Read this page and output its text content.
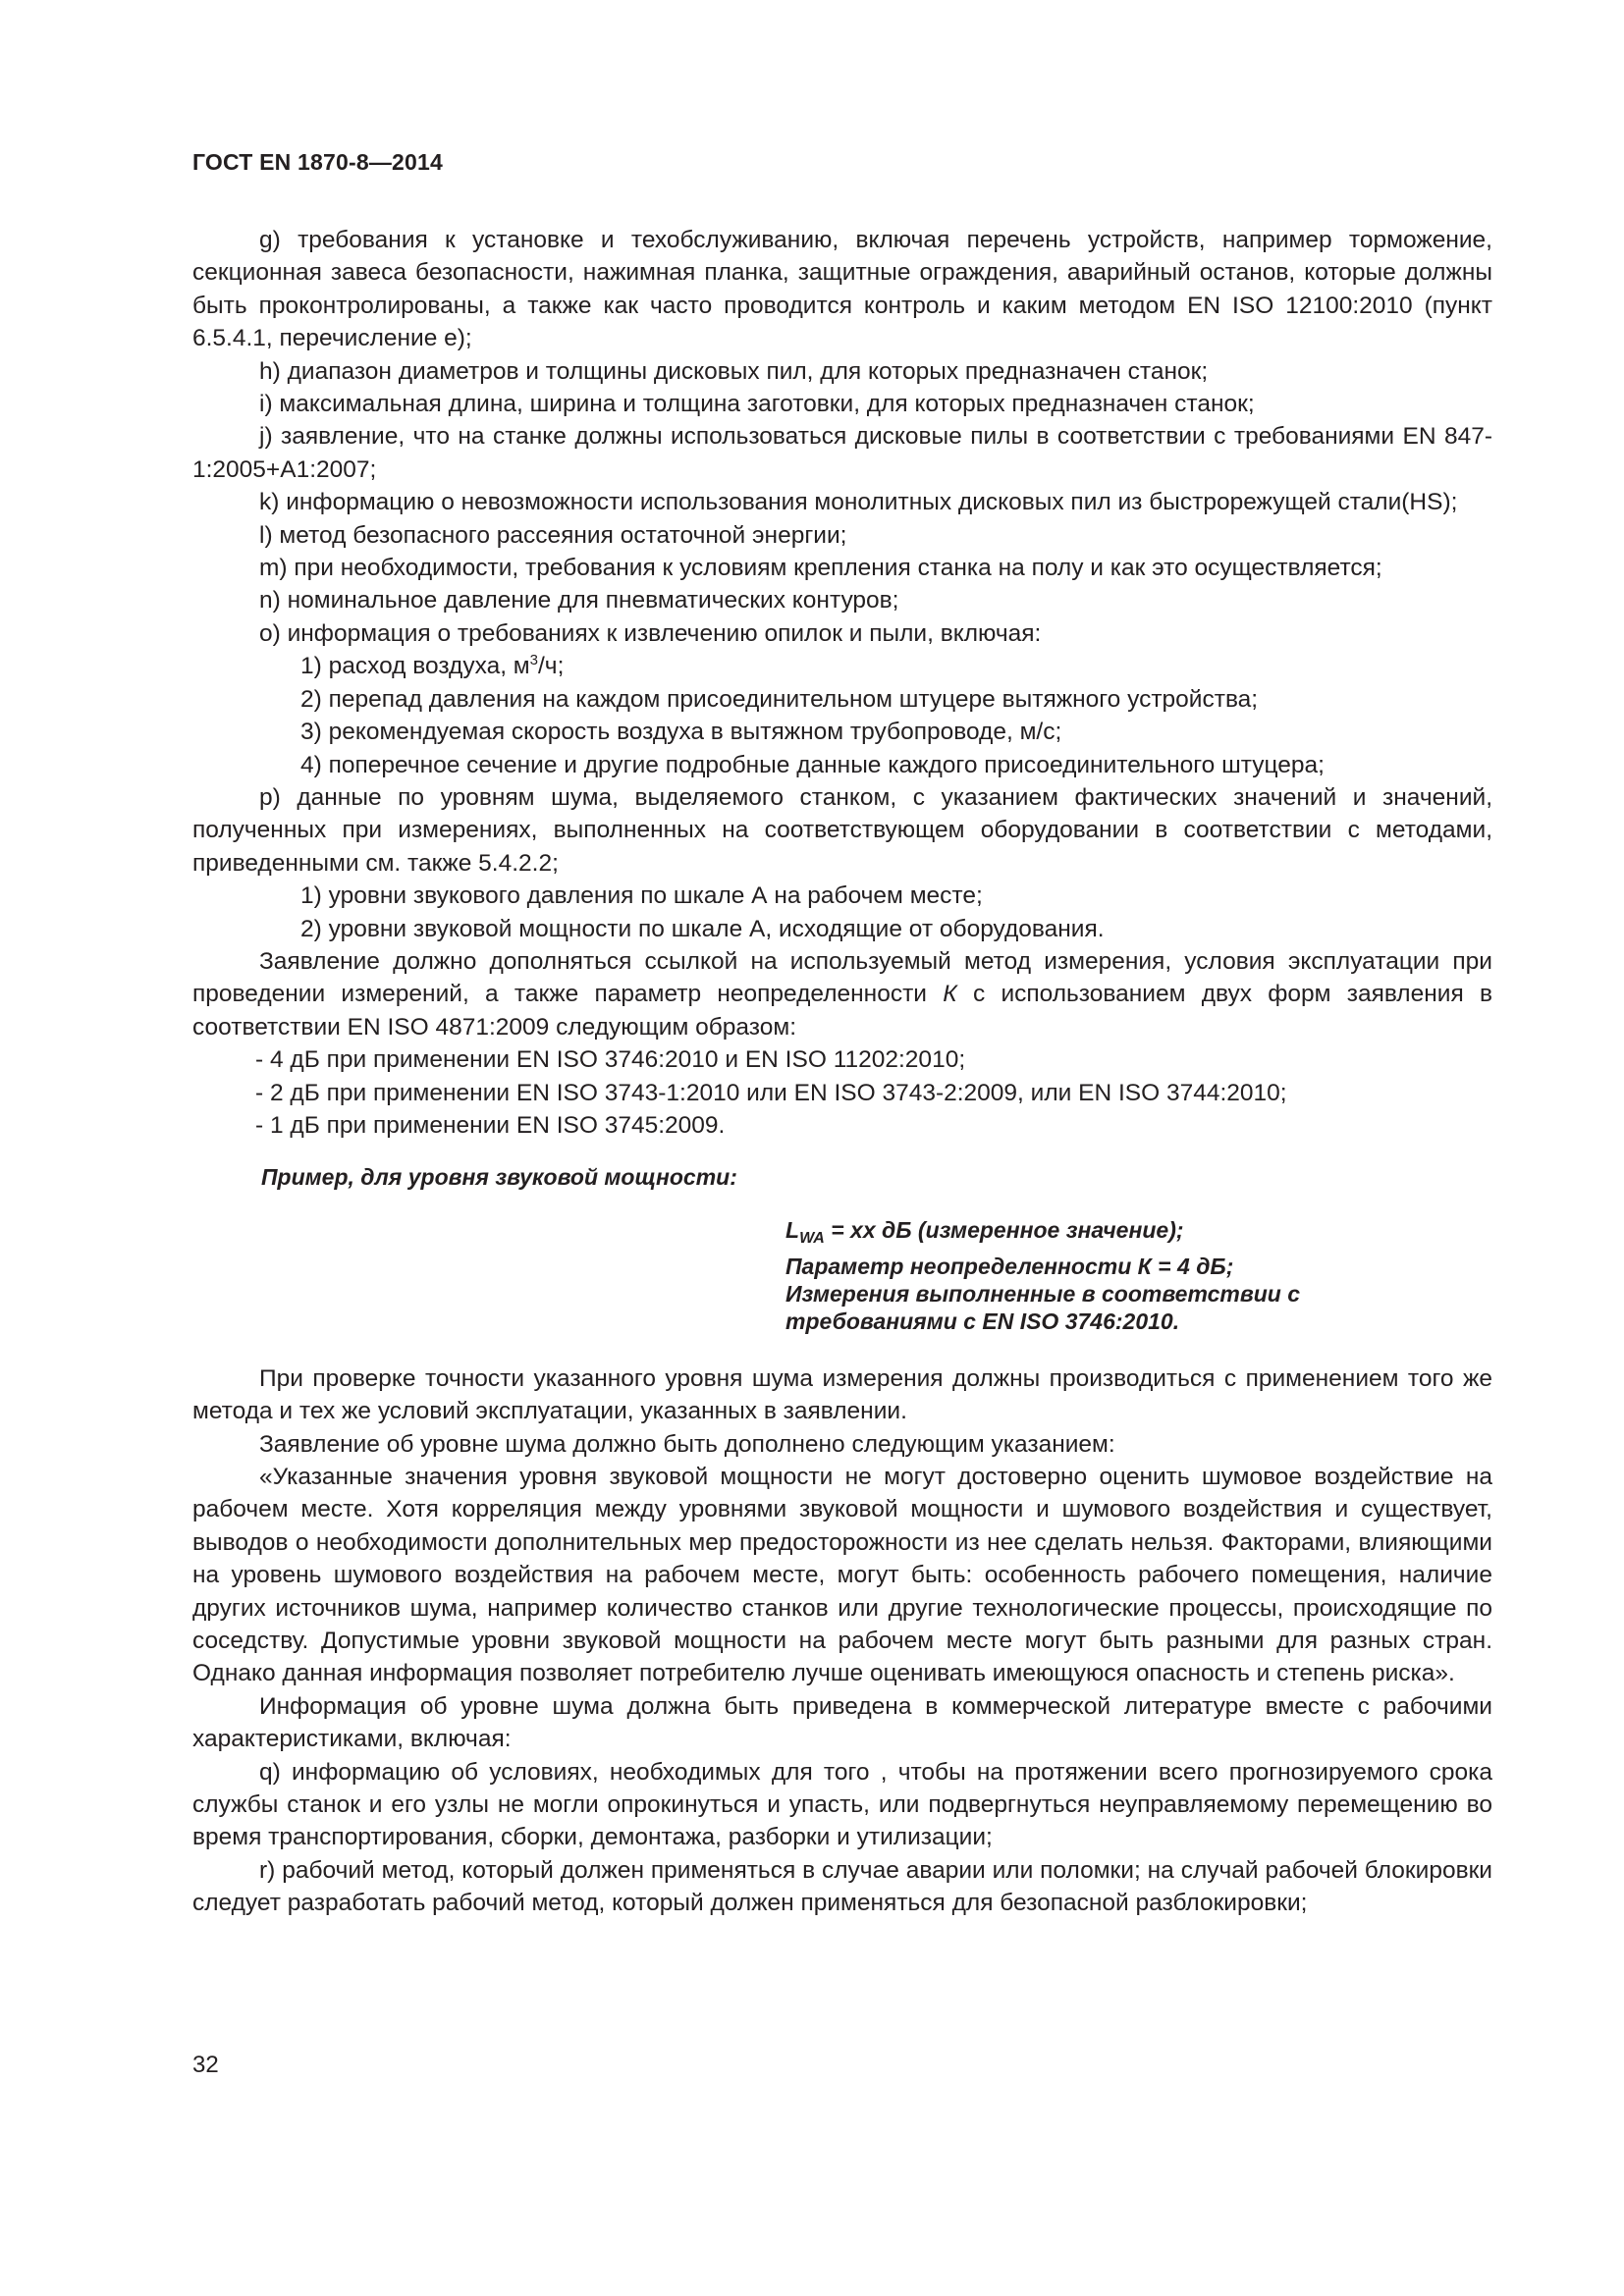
ГОСТ EN 1870-8—2014

g) требования к установке и техобслуживанию, включая перечень устройств, например торможение, секционная завеса безопасности, нажимная планка, защитные ограждения, аварийный останов, которые должны быть проконтролированы, а также как часто проводится контроль и каким методом EN ISO 12100:2010 (пункт 6.5.4.1, перечисление е);

h) диапазон диаметров и толщины дисковых пил, для которых предназначен станок;

i) максимальная длина, ширина и толщина заготовки, для которых предназначен станок;

j) заявление, что на станке должны использоваться дисковые пилы в соответствии с требованиями EN 847-1:2005+A1:2007;

k) информацию о невозможности использования монолитных дисковых пил из быстрорежущей стали(HS);

l) метод безопасного рассеяния остаточной энергии;

m) при необходимости, требования к условиям крепления станка на полу и как это осуществляется;

n) номинальное давление для пневматических контуров;

o) информация о требованиях к извлечению опилок и пыли, включая:

1) расход воздуха, $м^3/ч$;

2) перепад давления на каждом присоединительном штуцере вытяжного устройства;

3) рекомендуемая скорость воздуха в вытяжном трубопроводе, м/с;

4) поперечное сечение и другие подробные данные каждого присоединительного штуцера;

p) данные по уровням шума, выделяемого станком, с указанием фактических значений и значений, полученных при измерениях, выполненных на соответствующем оборудовании в соответствии с методами, приведенными см. также 5.4.2.2;

1) уровни звукового давления по шкале А на рабочем месте;

2) уровни звуковой мощности по шкале А, исходящие от оборудования.

Заявление должно дополняться ссылкой на используемый метод измерения, условия эксплуатации при проведении измерений, а также параметр неопределенности К с использованием двух форм заявления в соответствии EN ISO 4871:2009 следующим образом:

- 4 дБ при применении EN ISO 3746:2010 и EN ISO 11202:2010;

- 2 дБ при применении EN ISO 3743-1:2010 или EN ISO 3743-2:2009, или EN ISO 3744:2010;

- 1 дБ при применении EN ISO 3745:2009.

Пример, для уровня звуковой мощности:

$L_{WA}$ = хх дБ (измеренное значение);
Параметр неопределенности К = 4 дБ;
Измерения выполненные в соответствии с
требованиями с EN ISO 3746:2010.

При проверке точности указанного уровня шума измерения должны производиться с применением того же метода и тех же условий эксплуатации, указанных в заявлении.

Заявление об уровне шума должно быть дополнено следующим указанием:

«Указанные значения уровня звуковой мощности не могут достоверно оценить шумовое воздействие на рабочем месте. Хотя корреляция между уровнями звуковой мощности и шумового воздействия и существует, выводов о необходимости дополнительных мер предосторожности из нее сделать нельзя. Факторами, влияющими на уровень шумового воздействия на рабочем месте, могут быть: особенность рабочего помещения, наличие других источников шума, например количество станков или другие технологические процессы, происходящие по соседству. Допустимые уровни звуковой мощности на рабочем месте могут быть разными для разных стран. Однако данная информация позволяет потребителю лучше оценивать имеющуюся опасность и степень риска».

Информация об уровне шума должна быть приведена в коммерческой литературе вместе с рабочими характеристиками, включая:

q) информацию об условиях, необходимых для того , чтобы на протяжении всего прогнозируемого срока службы станок и его узлы не могли опрокинуться и упасть, или подвергнуться неуправляемому перемещению во время транспортирования, сборки, демонтажа, разборки и утилизации;

r) рабочий метод, который должен применяться в случае аварии или поломки; на случай рабочей блокировки следует разработать рабочий метод, который должен применяться для безопасной разблокировки;

32
